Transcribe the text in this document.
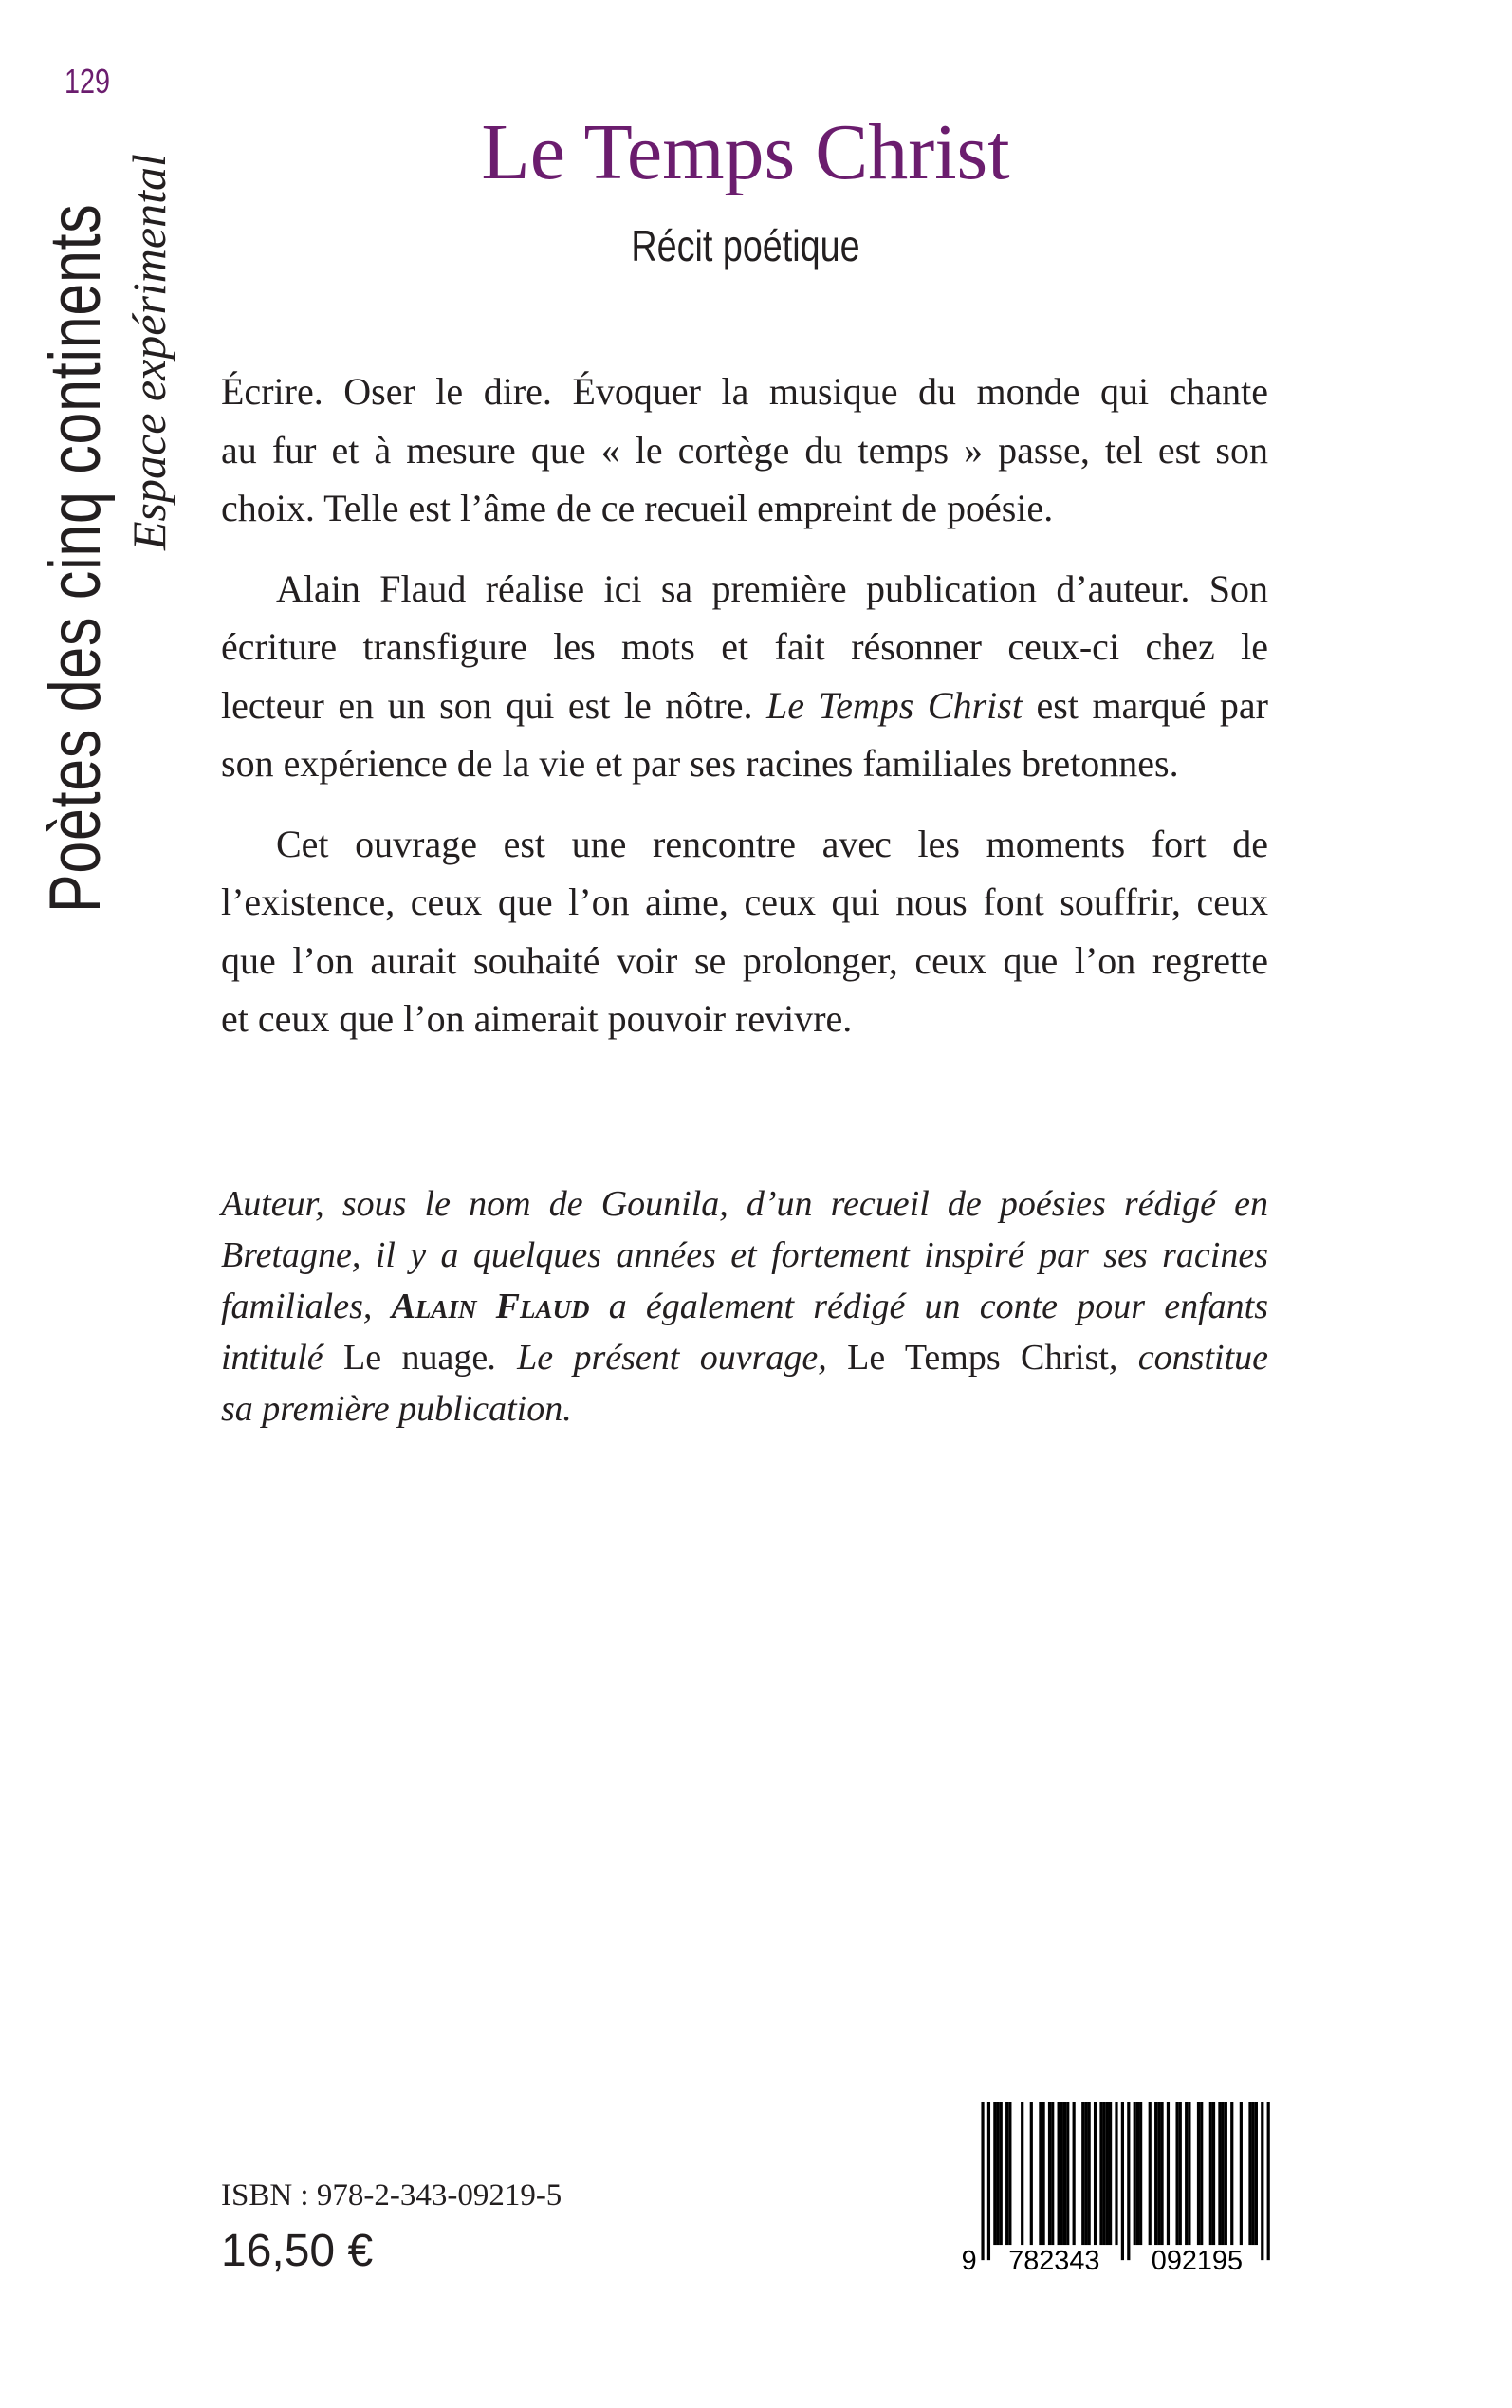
129
Poètes des cinq continents Espace expérimental
Le Temps Christ
Récit poétique
Écrire. Oser le dire. Évoquer la musique du monde qui chante
au fur et à mesure que « le cortège du temps » passe, tel est son
choix. Telle est l’âme de ce recueil empreint de poésie.
Alain Flaud réalise ici sa première publication d’auteur. Son
écriture transfigure les mots et fait résonner ceux-ci chez le
lecteur en un son qui est le nôtre. Le Temps Christ est marqué par
son expérience de la vie et par ses racines familiales bretonnes.
Cet ouvrage est une rencontre avec les moments fort de
l’existence, ceux que l’on aime, ceux qui nous font souffrir, ceux
que l’on aurait souhaité voir se prolonger, ceux que l’on regrette
et ceux que l’on aimerait pouvoir revivre.
Auteur, sous le nom de Gounila, d’un recueil de poésies rédigé en
Bretagne, il y a quelques années et fortement inspiré par ses racines
familiales, Alain Flaud a également rédigé un conte pour enfants
intitulé Le nuage. Le présent ouvrage, Le Temps Christ, constitue
sa première publication.
ISBN : 978-2-343-09219-5
16,50 €	9	782343	092195
